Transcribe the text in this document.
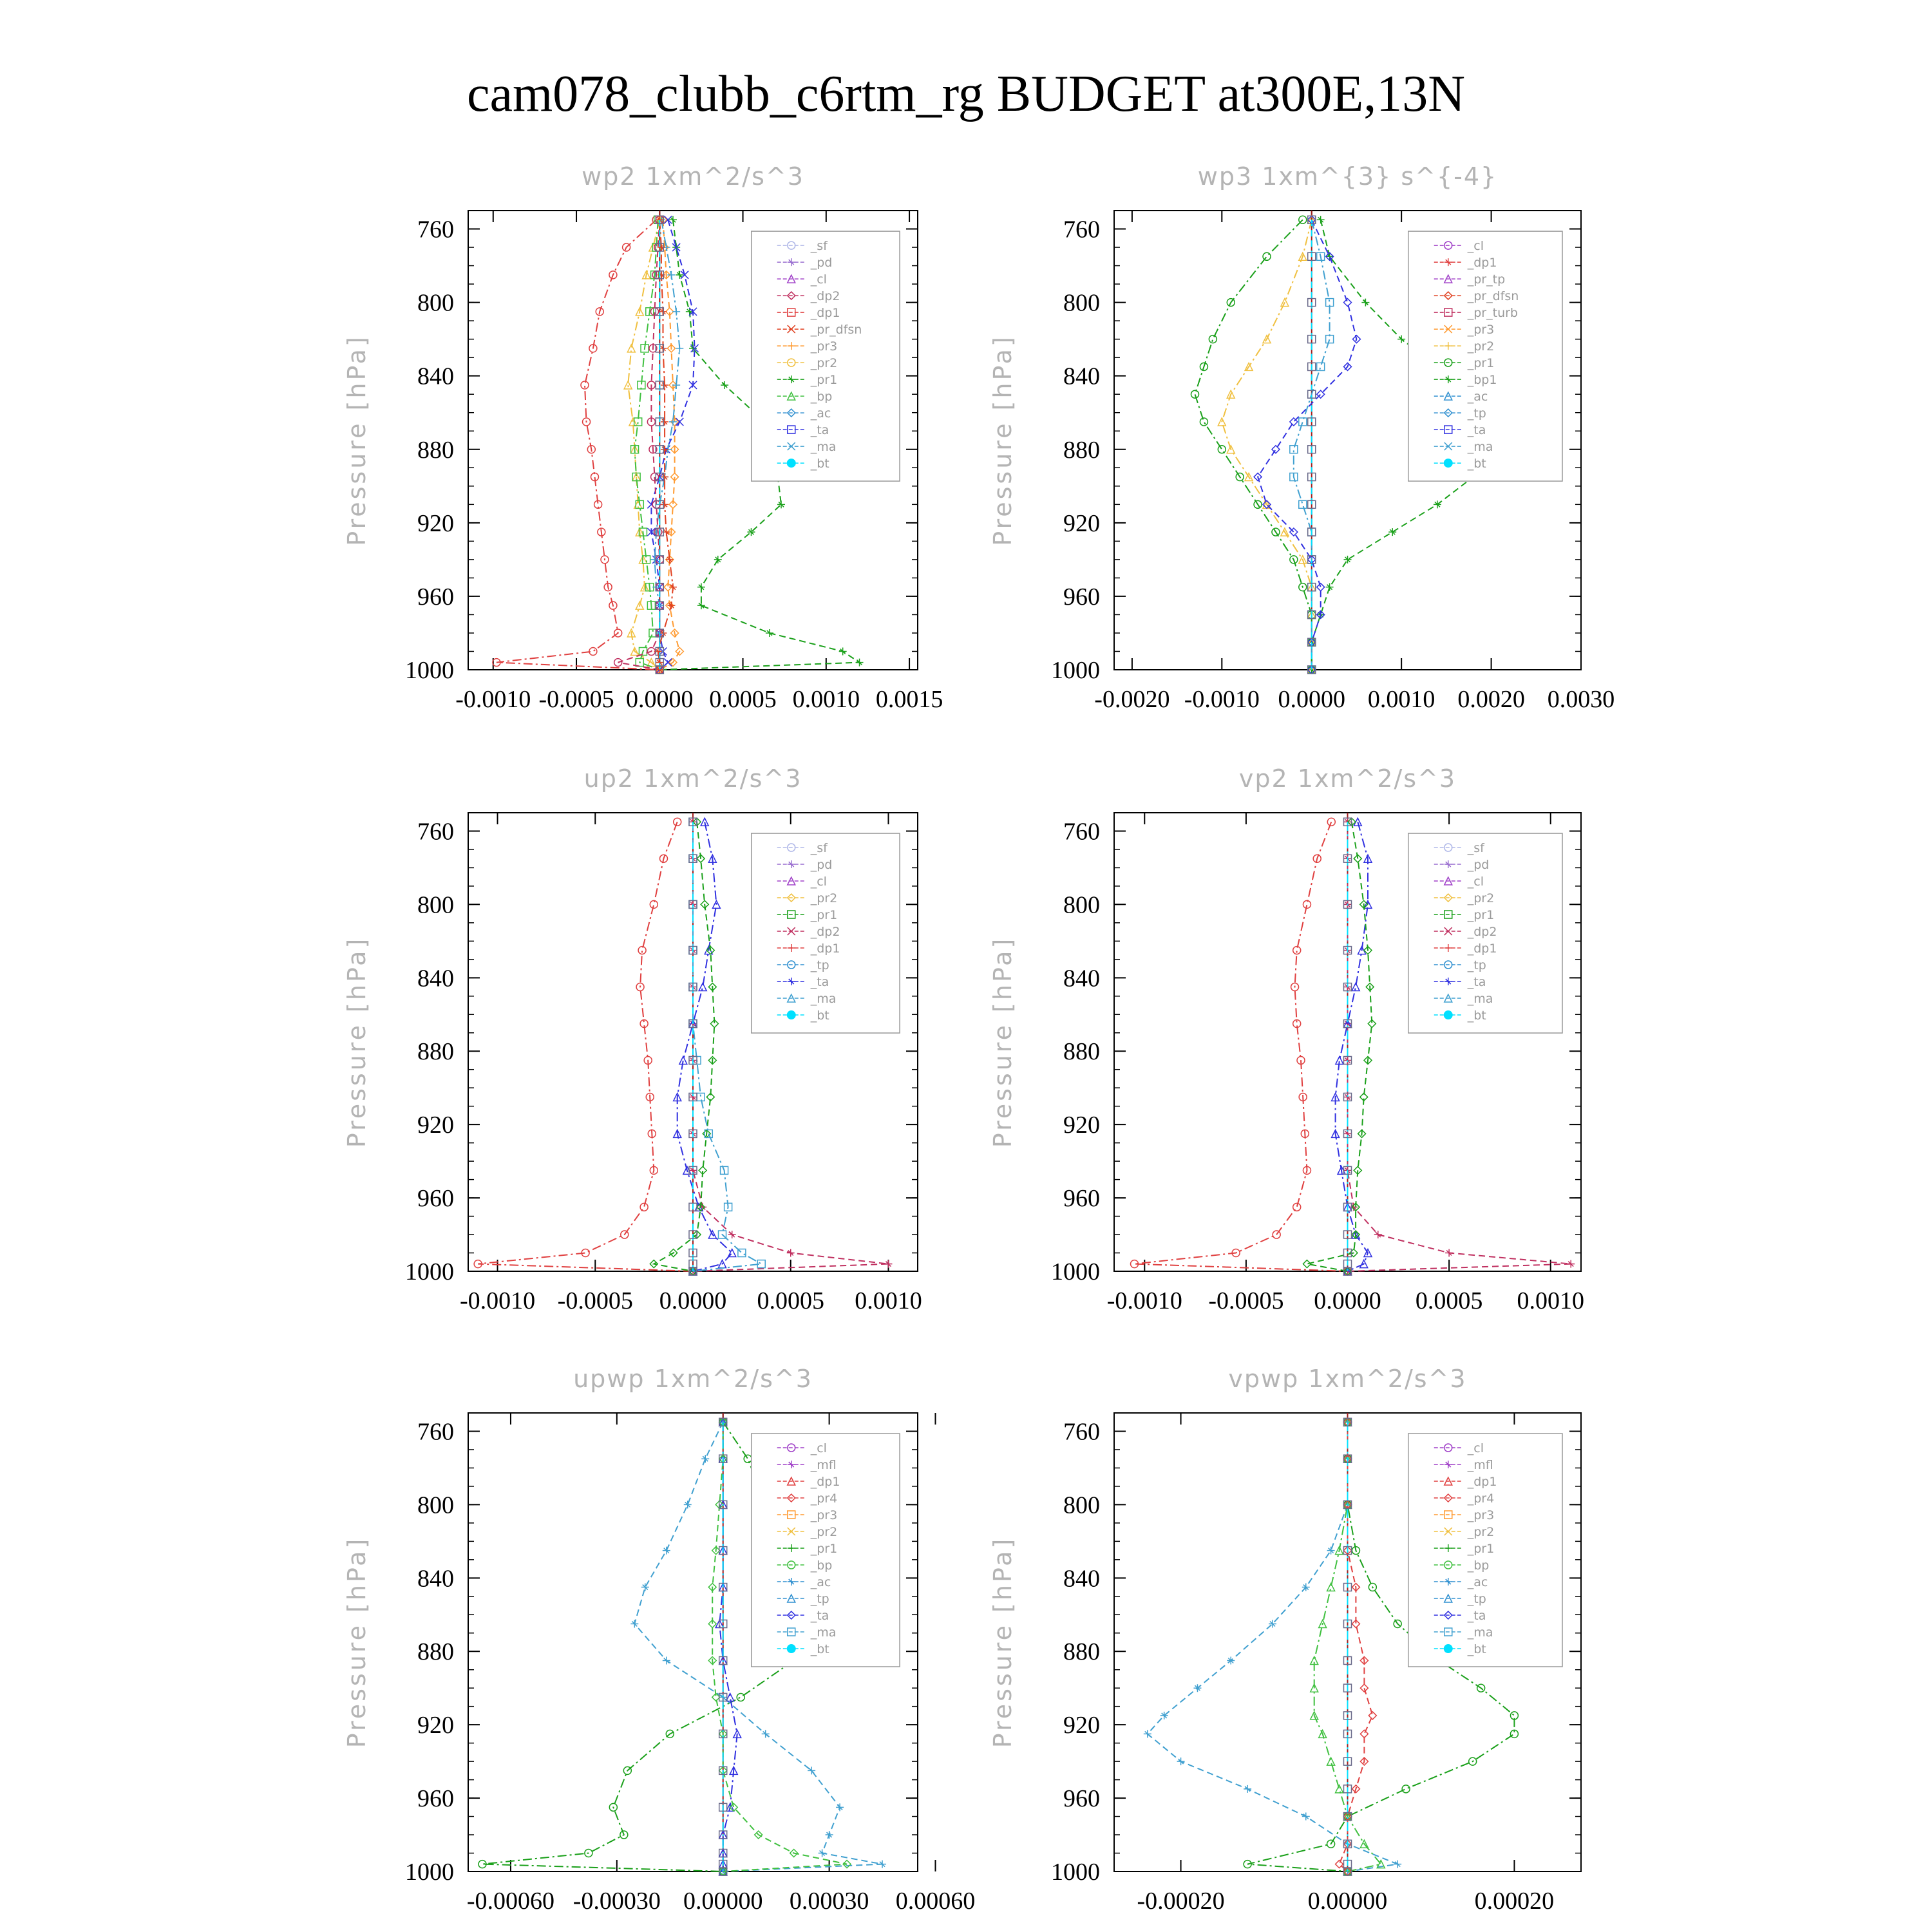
cam078_clubb_c6rtm_rg BUDGET at300E,13N
wp2 1xm^2/s^3
Pressure [hPa]
760
800
840
880
920
960
1000
-0.0010 -0.0005 0.0000 0.0005 0.0010 0.0015
_sf
_pd
_cl
_dp2
_dp1
_pr_dfsn
_pr3
_pr2
_pr1
_bp
_ac
_ta
_ma
_bt
wp3 1xm^{3} s^{-4}
Pressure [hPa]
760
800
840
880
920
960
1000
-0.0020 -0.0010 0.0000 0.0010 0.0020 0.0030
_cl
_dp1
_pr_tp
_pr_dfsn
_pr_turb
_pr3
_pr2
_pr1
_bp1
_ac
_tp
_ta
_ma
_bt
up2 1xm^2/s^3
Pressure [hPa]
760
800
840
880
920
960
1000
-0.0010 -0.0005 0.0000 0.0005 0.0010
_sf
_pd
_cl
_pr2
_pr1
_dp2
_dp1
_tp
_ta
_ma
_bt
vp2 1xm^2/s^3
Pressure [hPa]
760
800
840
880
920
960
1000
-0.0010 -0.0005 0.0000 0.0005 0.0010
_sf
_pd
_cl
_pr2
_pr1
_dp2
_dp1
_tp
_ta
_ma
_bt
upwp 1xm^2/s^3
Pressure [hPa]
760
800
840
880
920
960
1000
-0.00060 -0.00030 0.00000 0.00030 0.00060
_cl
_mfl
_dp1
_pr4
_pr3
_pr2
_pr1
_bp
_ac
_tp
_ta
_ma
_bt
vpwp 1xm^2/s^3
Pressure [hPa]
760
800
840
880
920
960
1000
-0.00020	0.00000	0.00020
_cl
_mfl
_dp1
_pr4
_pr3
_pr2
_pr1
_bp
_ac
_tp
_ta
_ma
_bt
